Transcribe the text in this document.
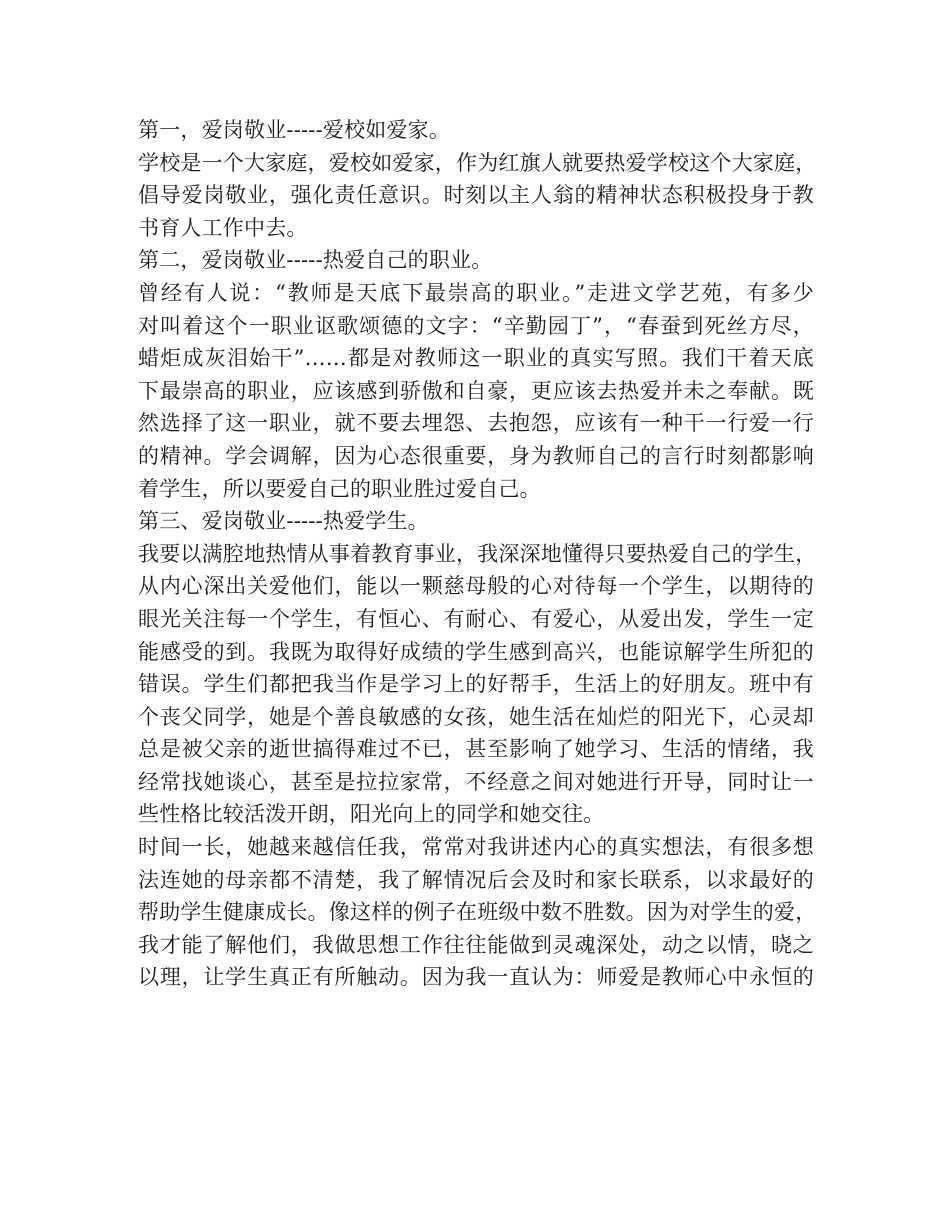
第一，爱岗敬业-----爱校如爱家。
学校是一个大家庭，爱校如爱家，作为红旗人就要热爱学校这个大家庭，
倡导爱岗敬业，强化责任意识。时刻以主人翁的精神状态积极投身于教
书育人工作中去。
第二，爱岗敬业-----热爱自己的职业。
曾经有人说：“教师是天底下最崇高的职业。”走进文学艺苑，有多少
对叫着这个一职业讴歌颂德的文字：“辛勤园丁”，“春蚕到死丝方尽，
蜡炬成灰泪始干”……都是对教师这一职业的真实写照。我们干着天底
下最崇高的职业，应该感到骄傲和自豪，更应该去热爱并未之奉献。既
然选择了这一职业，就不要去埋怨、去抱怨，应该有一种干一行爱一行
的精神。学会调解，因为心态很重要，身为教师自己的言行时刻都影响
着学生，所以要爱自己的职业胜过爱自己。
第三、爱岗敬业-----热爱学生。
我要以满腔地热情从事着教育事业，我深深地懂得只要热爱自己的学生，
从内心深出关爱他们，能以一颗慈母般的心对待每一个学生，以期待的
眼光关注每一个学生，有恒心、有耐心、有爱心，从爱出发，学生一定
能感受的到。我既为取得好成绩的学生感到高兴，也能谅解学生所犯的
错误。学生们都把我当作是学习上的好帮手，生活上的好朋友。班中有
个丧父同学，她是个善良敏感的女孩，她生活在灿烂的阳光下，心灵却
总是被父亲的逝世搞得难过不已，甚至影响了她学习、生活的情绪，我
经常找她谈心，甚至是拉拉家常，不经意之间对她进行开导，同时让一
些性格比较活泼开朗，阳光向上的同学和她交往。
时间一长，她越来越信任我，常常对我讲述内心的真实想法，有很多想
法连她的母亲都不清楚，我了解情况后会及时和家长联系，以求最好的
帮助学生健康成长。像这样的例子在班级中数不胜数。因为对学生的爱，
我才能了解他们，我做思想工作往往能做到灵魂深处，动之以情，晓之
以理，让学生真正有所触动。因为我一直认为：师爱是教师心中永恒的
